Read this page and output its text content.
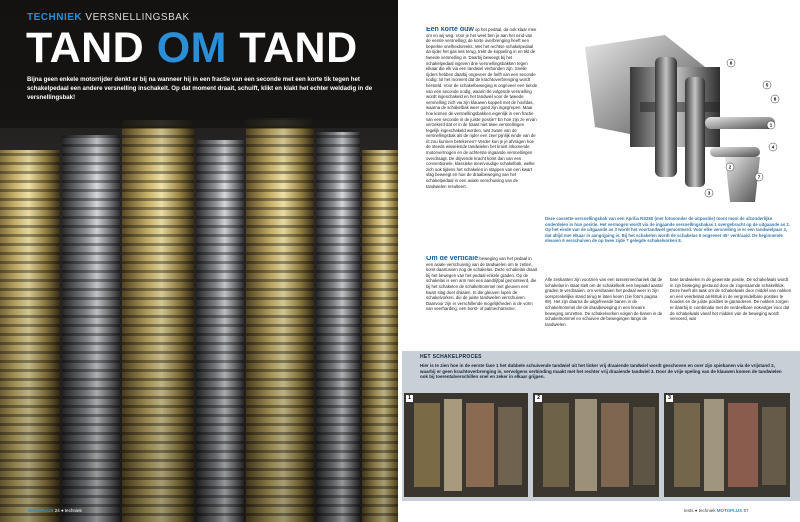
TECHNIEK VERSNELLINGSBAK
TAND OM TAND
Bijna geen enkele motorrijder denkt er bij na wanneer hij in een fractie van een seconde met een korte tik tegen het schakelpedaal een andere versnelling inschakelt. Op dat moment draait, schuift, klikt en klakt het echter weldadig in de versnellingsbak!
MOTOPLUS 24 ● techniek
Een korte duw op het pedaal, da ook klaar mee om en wij weg. Voor je het weet ben je aan het eind van de eerste versnelling; de korte overbrenging heeft een beperkte snelheidsreeks. Met het rechtse schakelpedaal da rijder het gas iets terug, trekt de koppeling in en tikt de tweede versnelling in. Daarbij beweegt bij het schakelpedaal ingeven drie versnellingsbakken tegen elkaar die elk via een tandwiel verbonden zijn. Snelle rijders hebben daarbij ongeveer de helft van een seconde nodig: lol het moment dat de krachtoverbrenging wordt hersteld. Voor de schakelbeweging is ongeveer een tiende van een seconde nodig, waarin de volgende versnelling wordt ingeschakeld en het tandwiel voor de tweede versnelling zich via zijn klauwen koppelt met de hoofdas, waarna de schakelbak weer goed zijn ingegrepen. Maar hoe komen de versnellingsbakken eigenlijk in een fractie van een seconde in de juiste positie? En hoe zijn ze ervan verzekerd dat er in de haast niet twee versnellingen tegelijk ingeschakeld worden, wat zware van de versnellingsbak als de rijder een zeer pijnlijk einde van de rit zou kunnen betekenen? Verder kun je je afvragen hoe de steeds wisselende tandwielen het kruist inkomende motorvermogen en de achterste ingaande versnellingen overdraagt. De drijvende kracht komt dan van een conventionele, klassieke meervoudige schakelbak, welke zich ook tijdens het schakelen in stappen van een kwart slag beweegt en hoe de draaibeweging van het schakelpedaal in een axiale verschuiving van de tandwielen resulteert.
Om de verticale beweging van het pedaal in een axiale verschuiving van de tandwielen om te zetten, komt daartussen nog de schakelas. Deze schakelas draait bij het bewegen van het pedaal enkele graden. Op de schakelas is een arm met een aandrijfpal gemonteerd, die bij het schakelen de schakeltrommel met gleuven een kwart slag doet draaien. In die gleuven lopen de schakelvorken, die de juiste tandwielen verschuiven. Daarvoor zijn er verschillende mogelijkheden in de vorm van veerharding, een borst- of palmechanisme.
6
5
1
4
2
7
3
8
Deze cassette-versnellingsbak van een Aprilia RS250 (met fotovonder de uitpositie) toont mooi de afzonderlijke onderdelen in hun positie. Het vermogen wordt via de ingaande versnellingsbakas 1 overgebracht op de uitgaande as 2. Op het einde van de uitgaande as 3 wordt het voortandwiel gemonteerd. Voor elke versnelling is er een tandwielpaar 4, dat altijd met elkaar in aangrijping is. Bij het schakelen wordt de schakelas 5 ongeveer 45° verdraaid. De beginnende sleuven 6 verschuiven de op twee zijde 7 gelegde schakelvorken 8.
Alle zeskanten zijn voorzien van een tussenmechaniek dat de schakelas in staat stelt om de schakelkelk een bepaald aantal graden te verdraaien, om verdraaien het pedaal weer in zijn oorspronkelijke stand terug te laten keren (zie foto's pagina 89). Het zijn daarna de uitgefreesde banen in de schakeltrommel die de draaibeweging in een lineaire beweging omzetten. De schakelvorken volgen de banen in de schakeltrommel en schuiven de bewegingen langs de tandwielen.
bare tandwielen in de gewenste positie. De schakelwals wordt in zijn beweging gestuurd door de zogenaamde schakelklok. Deze heeft als taak om de schakelwals door middel van nokken en een veerbelast arrêtstuk in de vergrendelbare posities te houden en de juiste posities te garanderen. De nokken zorgen er daarbij in combinatie met de verdeelbare nokvolger voor dat de schakelwals vanaf het midden van de beweging wordt vervoerd, wat
HET SCHAKELPROCES
Hier is te zien hoe in de eerste fase 1 het dubbele schuivende tandwiel uit het linker vrij draaiende tandwiel wordt geschoven en over zijn spiebanen via de vrijstand 2, waarbij er geen krachtoverbrenging is, vervolgens verbinding maakt met het rechter vrij draaiende tandwiel 3. Door de vrije speling van de klauwen komen de tandwielen ook bij toerentalverschillen snel en zeker in elkaar grijpen.
1	2	3
tests ● techniek MOTOPLUS 87
